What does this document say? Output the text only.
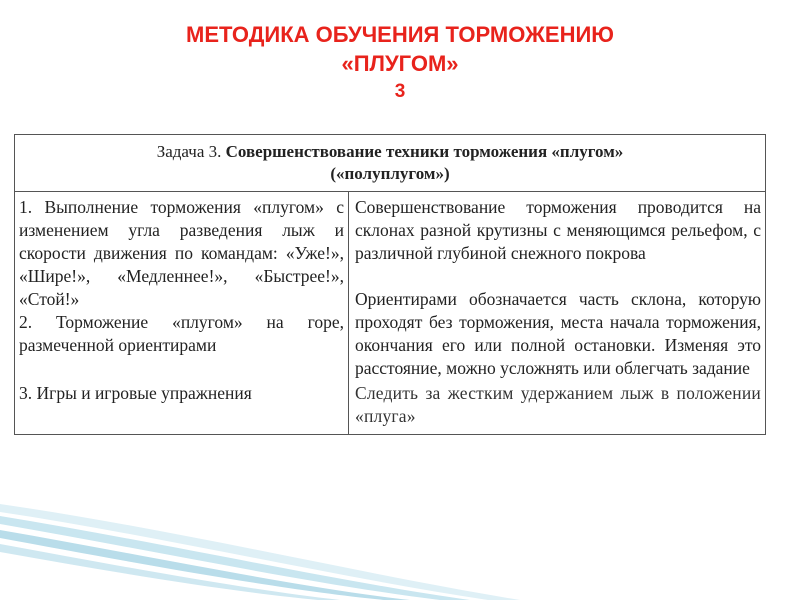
МЕТОДИКА ОБУЧЕНИЯ ТОРМОЖЕНИЮ
«ПЛУГОМ»
3
Задача 3. Совершенствование техники торможения «плугом»
(«полуплугом»)
1. Выполнение торможения «плугом» с изменением угла разведения лыж и скорости движения по командам: «Уже!», «Шире!», «Медленнее!», «Быстрее!», «Стой!»
2. Торможение «плугом» на горе, размеченной ориентирами
Совершенствование торможения проводится на склонах разной крутизны с меняющимся рельефом, с различной глубиной снежного покрова
Ориентирами обозначается часть склона, которую проходят без торможения, места начала торможения, окончания его или полной остановки. Изменяя это расстояние, можно усложнять или облегчать задание
3. Игры и игровые упражнения	Следить за жестким удержанием лыж в положении «плуга»
